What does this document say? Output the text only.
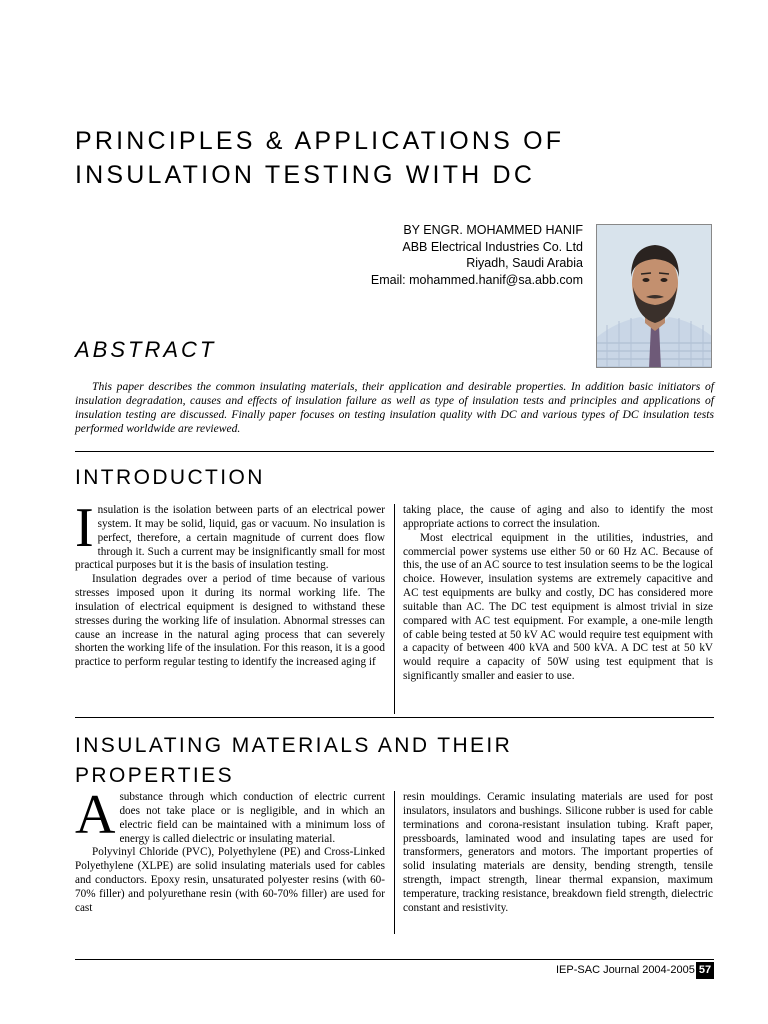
PRINCIPLES & APPLICATIONS OF
INSULATION TESTING WITH DC
BY ENGR. MOHAMMED HANIF
ABB Electrical Industries Co. Ltd
Riyadh, Saudi Arabia
Email: mohammed.hanif@sa.abb.com
ABSTRACT

This paper describes the common insulating materials, their application and desirable properties. In addition basic initiators of insulation degradation, causes and effects of insulation failure as well as type of insulation tests and principles and applications of insulation testing are discussed. Finally paper focuses on testing insulation quality with DC and various types of DC insulation tests performed worldwide are reviewed.

INTRODUCTION

Insulation is the isolation between parts of an electrical power system. It may be solid, liquid, gas or vacuum. No insulation is perfect, therefore, a certain magnitude of current does flow through it. Such a current may be insignificantly small for most practical purposes but it is the basis of insulation testing.

Insulation degrades over a period of time because of various stresses imposed upon it during its normal working life. The insulation of electrical equipment is designed to withstand these stresses during the working life of insulation. Abnormal stresses can cause an increase in the natural aging process that can severely shorten the working life of the insulation. For this reason, it is a good practice to perform regular testing to identify the increased aging if

taking place, the cause of aging and also to identify the most appropriate actions to correct the insulation.

Most electrical equipment in the utilities, industries, and commercial power systems use either 50 or 60 Hz AC. Because of this, the use of an AC source to test insulation seems to be the logical choice. However, insulation systems are extremely capacitive and AC test equipments are bulky and costly, DC has considered more suitable than AC. The DC test equipment is almost trivial in size compared with AC test equipment. For example, a one-mile length of cable being tested at 50 kV AC would require test equipment with a capacity of between 400 kVA and 500 kVA. A DC test at 50 kV would require a capacity of 50W using test equipment that is significantly smaller and easier to use.

INSULATING MATERIALS AND THEIR
PROPERTIES

Asubstance through which conduction of electric current does not take place or is negligible, and in which an electric field can be maintained with a minimum loss of energy is called dielectric or insulating material.

Polyvinyl Chloride (PVC), Polyethylene (PE) and Cross-Linked Polyethylene (XLPE) are solid insulating materials used for cables and conductors. Epoxy resin, unsaturated polyester resins (with 60-70% filler) and polyurethane resin (with 60-70% filler) are used for cast

resin mouldings. Ceramic insulating materials are used for post insulators, insulators and bushings. Silicone rubber is used for cable terminations and corona-resistant insulation tubing. Kraft paper, pressboards, laminated wood and insulating tapes are used for transformers, generators and motors. The important properties of solid insulating materials are density, bending strength, tensile strength, impact strength, linear thermal expansion, maximum temperature, tracking resistance, breakdown field strength, dielectric constant and resistivity.

IEP-SAC Journal 2004-2005 57
